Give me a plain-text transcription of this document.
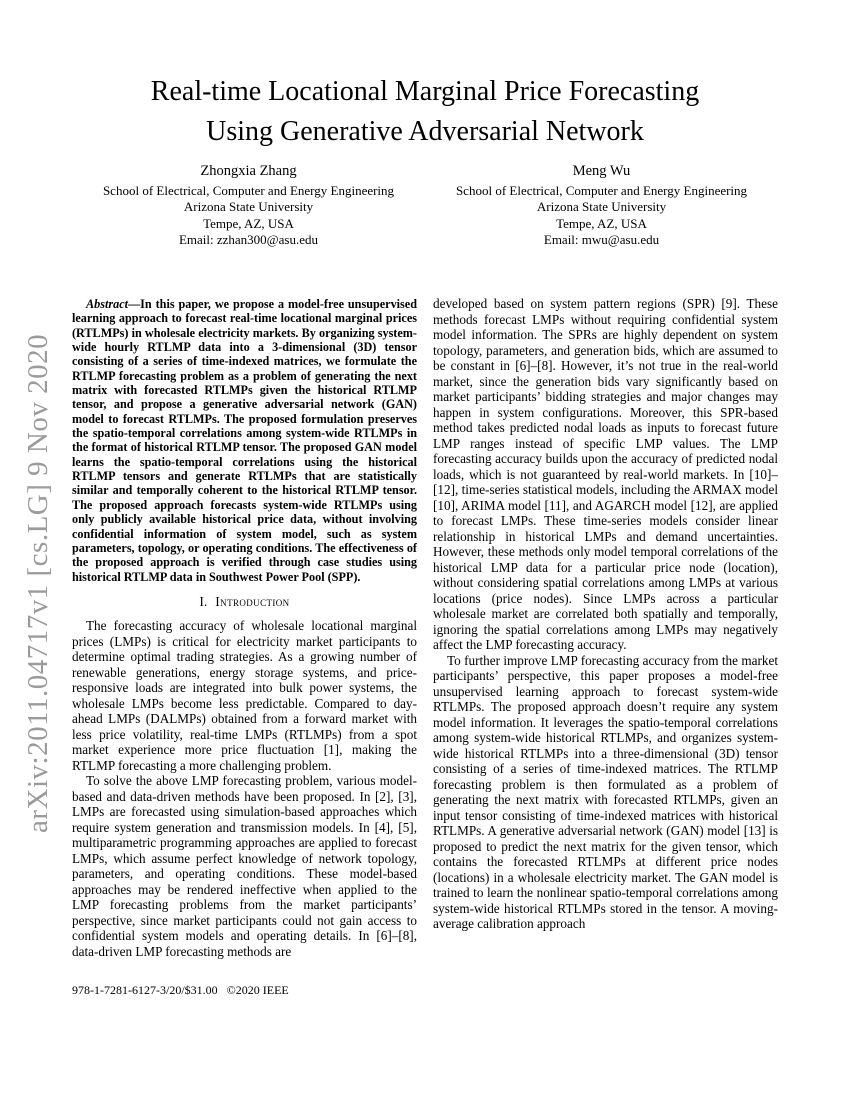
arXiv:2011.04717v1 [cs.LG] 9 Nov 2020
Real-time Locational Marginal Price Forecasting
Using Generative Adversarial Network
Zhongxia Zhang
School of Electrical, Computer and Energy Engineering
Arizona State University
Tempe, AZ, USA
Email: zzhan300@asu.edu
Meng Wu
School of Electrical, Computer and Energy Engineering
Arizona State University
Tempe, AZ, USA
Email: mwu@asu.edu

Abstract—In this paper, we propose a model-free unsupervised learning approach to forecast real-time locational marginal prices (RTLMPs) in wholesale electricity markets. By organizing system-wide hourly RTLMP data into a 3-dimensional (3D) tensor consisting of a series of time-indexed matrices, we formulate the RTLMP forecasting problem as a problem of generating the next matrix with forecasted RTLMPs given the historical RTLMP tensor, and propose a generative adversarial network (GAN) model to forecast RTLMPs. The proposed formulation preserves the spatio-temporal correlations among system-wide RTLMPs in the format of historical RTLMP tensor. The proposed GAN model learns the spatio-temporal correlations using the historical RTLMP tensors and generate RTLMPs that are statistically similar and temporally coherent to the historical RTLMP tensor. The proposed approach forecasts system-wide RTLMPs using only publicly available historical price data, without involving confidential information of system model, such as system parameters, topology, or operating conditions. The effectiveness of the proposed approach is verified through case studies using historical RTLMP data in Southwest Power Pool (SPP).

I. Introduction

The forecasting accuracy of wholesale locational marginal prices (LMPs) is critical for electricity market participants to determine optimal trading strategies. As a growing number of renewable generations, energy storage systems, and price-responsive loads are integrated into bulk power systems, the wholesale LMPs become less predictable. Compared to day-ahead LMPs (DALMPs) obtained from a forward market with less price volatility, real-time LMPs (RTLMPs) from a spot market experience more price fluctuation [1], making the RTLMP forecasting a more challenging problem.

To solve the above LMP forecasting problem, various model-based and data-driven methods have been proposed. In [2], [3], LMPs are forecasted using simulation-based approaches which require system generation and transmission models. In [4], [5], multiparametric programming approaches are applied to forecast LMPs, which assume perfect knowledge of network topology, parameters, and operating conditions. These model-based approaches may be rendered ineffective when applied to the LMP forecasting problems from the market participants’ perspective, since market participants could not gain access to confidential system models and operating details. In [6]–[8], data-driven LMP forecasting methods are

developed based on system pattern regions (SPR) [9]. These methods forecast LMPs without requiring confidential system model information. The SPRs are highly dependent on system topology, parameters, and generation bids, which are assumed to be constant in [6]–[8]. However, it’s not true in the real-world market, since the generation bids vary significantly based on market participants’ bidding strategies and major changes may happen in system configurations. Moreover, this SPR-based method takes predicted nodal loads as inputs to forecast future LMP ranges instead of specific LMP values. The LMP forecasting accuracy builds upon the accuracy of predicted nodal loads, which is not guaranteed by real-world markets. In [10]–[12], time-series statistical models, including the ARMAX model [10], ARIMA model [11], and AGARCH model [12], are applied to forecast LMPs. These time-series models consider linear relationship in historical LMPs and demand uncertainties. However, these methods only model temporal correlations of the historical LMP data for a particular price node (location), without considering spatial correlations among LMPs at various locations (price nodes). Since LMPs across a particular wholesale market are correlated both spatially and temporally, ignoring the spatial correlations among LMPs may negatively affect the LMP forecasting accuracy.

To further improve LMP forecasting accuracy from the market participants’ perspective, this paper proposes a model-free unsupervised learning approach to forecast system-wide RTLMPs. The proposed approach doesn’t require any system model information. It leverages the spatio-temporal correlations among system-wide historical RTLMPs, and organizes system-wide historical RTLMPs into a three-dimensional (3D) tensor consisting of a series of time-indexed matrices. The RTLMP forecasting problem is then formulated as a problem of generating the next matrix with forecasted RTLMPs, given an input tensor consisting of time-indexed matrices with historical RTLMPs. A generative adversarial network (GAN) model [13] is proposed to predict the next matrix for the given tensor, which contains the forecasted RTLMPs at different price nodes (locations) in a wholesale electricity market. The GAN model is trained to learn the nonlinear spatio-temporal correlations among system-wide historical RTLMPs stored in the tensor. A moving-average calibration approach

978-1-7281-6127-3/20/$31.00 ©2020 IEEE
